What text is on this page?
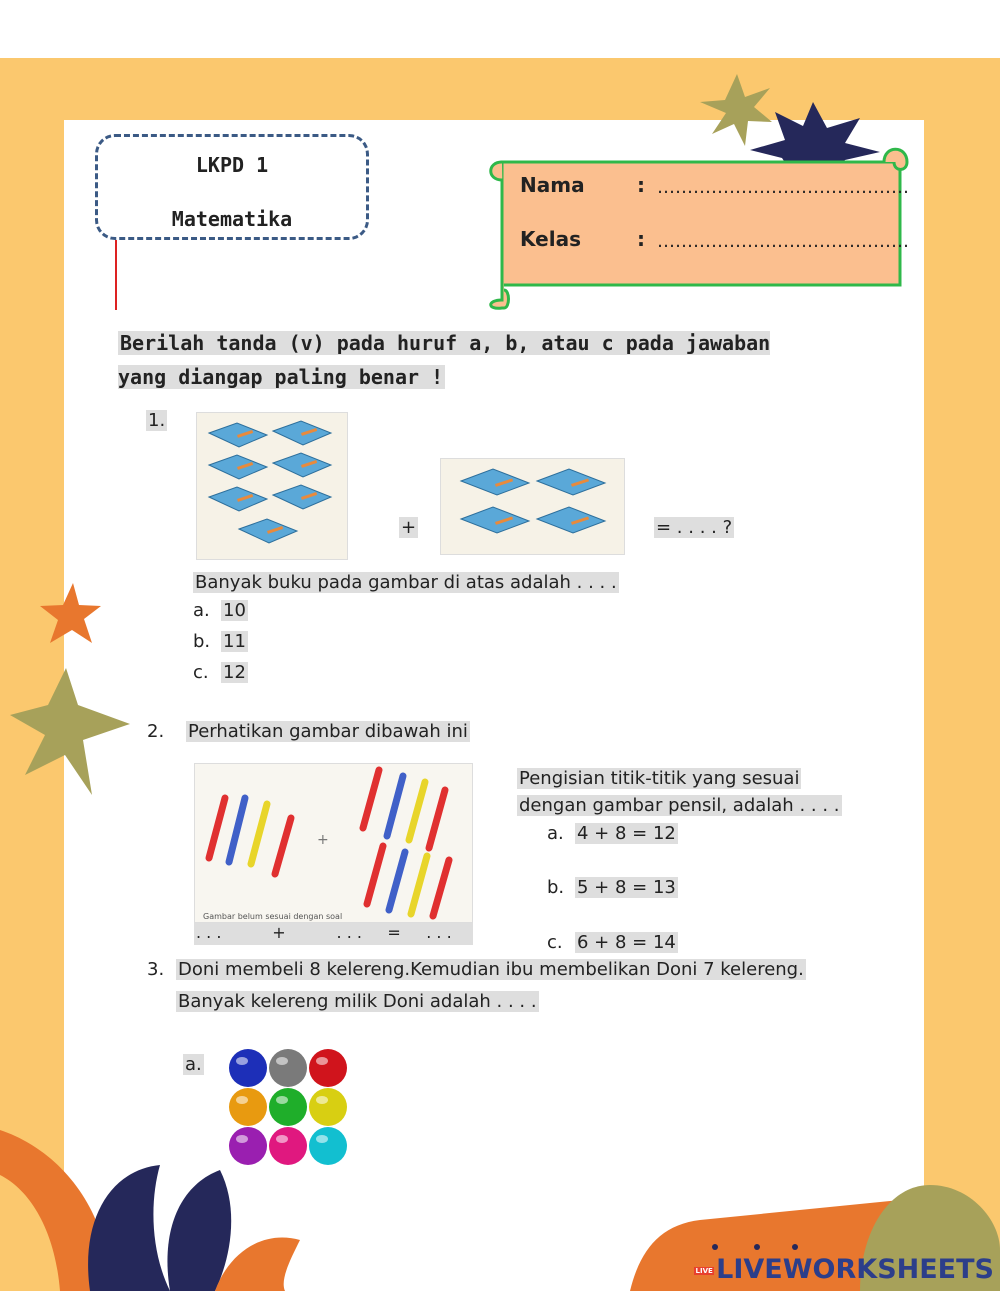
LKPD 1
Matematika
Nama	: ……………………………………
Kelas	: ……………………………………
Berilah tanda (v) pada huruf a, b, atau c pada jawaban yang diangap paling benar !
1.
+	= . . . . ?
Banyak buku pada gambar di atas adalah . . . .
a. 10
b. 11
c. 12
2. Perhatikan gambar dibawah ini
+
Gambar belum sesuai dengan soal
. . .          +          . . .     =     . . .
Pengisian titik-titik yang sesuai
dengan gambar pensil, adalah . . . .
a. 4 + 8 = 12
b. 5 + 8 = 13
c. 6 + 8 = 14
3. Doni membeli 8 kelereng.Kemudian ibu membelikan Doni 7 kelereng.
Banyak kelereng milik Doni adalah . . . .
a.
LIVE LIVEWORKSHEETS
